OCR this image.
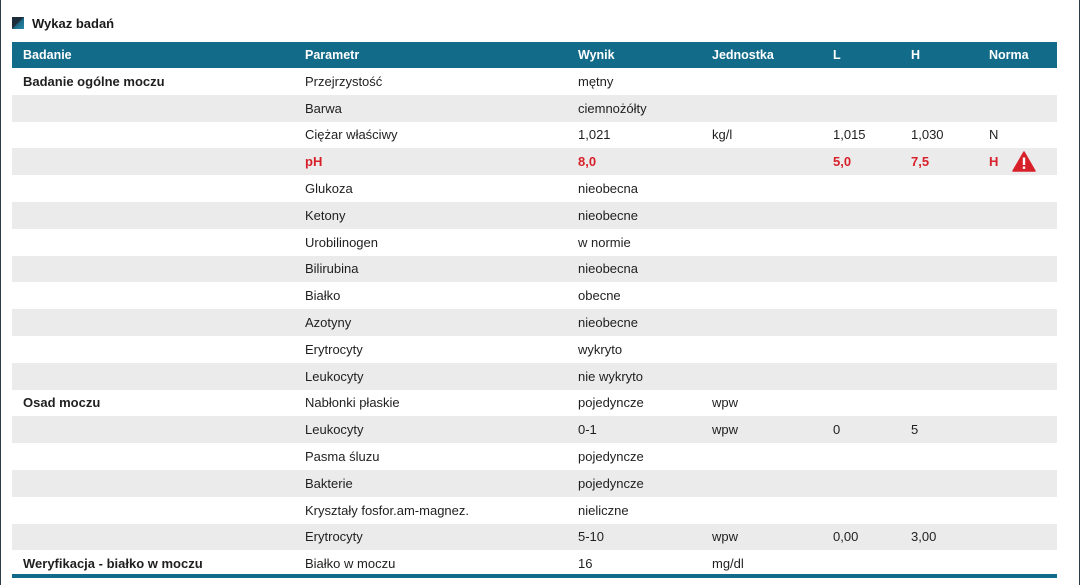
Wykaz badań
Badanie	Parametr	Wynik	Jednostka	L	H	Norma
Badanie ogólne moczu	Przejrzystość	mętny				
	Barwa	ciemnożółty				
	Ciężar właściwy	1,021	kg/l	1,015	1,030	N
	pH	8,0		5,0	7,5	H

	Glukoza	nieobecna				
	Ketony	nieobecne				
	Urobilinogen	w normie				
	Bilirubina	nieobecna				
	Białko	obecne				
	Azotyny	nieobecne				
	Erytrocyty	wykryto				
	Leukocyty	nie wykryto				
Osad moczu	Nabłonki płaskie	pojedyncze	wpw			
	Leukocyty	0-1	wpw	0	5	
	Pasma śluzu	pojedyncze				
	Bakterie	pojedyncze				
	Kryształy fosfor.am-magnez.	nieliczne				
	Erytrocyty	5-10	wpw	0,00	3,00	
Weryfikacja - białko w moczu	Białko w moczu	16	mg/dl			
